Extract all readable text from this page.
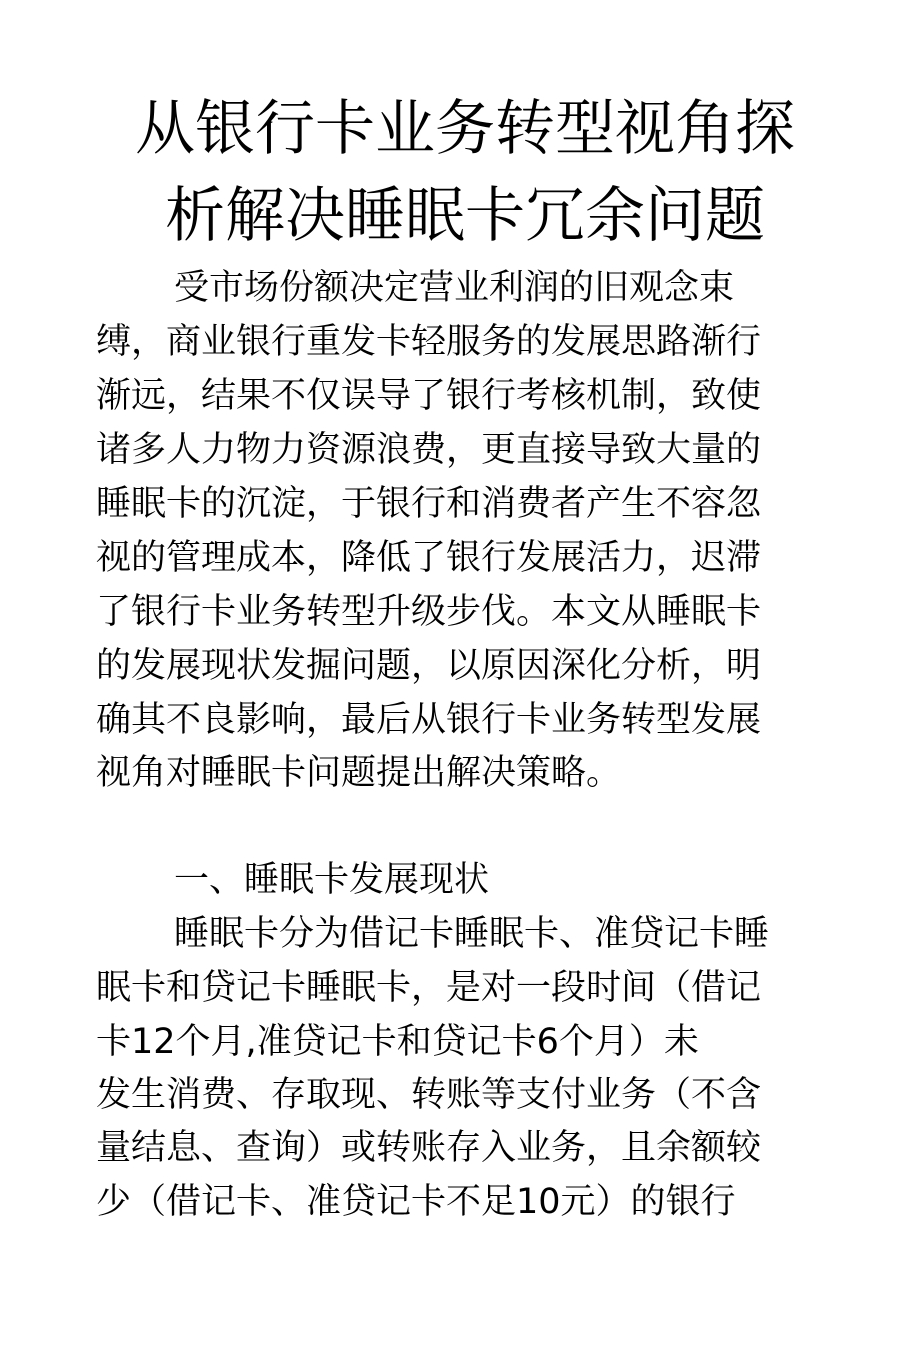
从银行卡业务转型视角探
析解决睡眠卡冗余问题
受市场份额决定营业利润的旧观念束
缚，商业银行重发卡轻服务的发展思路渐行
渐远，结果不仅误导了银行考核机制，致使
诸多人力物力资源浪费，更直接导致大量的
睡眠卡的沉淀，于银行和消费者产生不容忽
视的管理成本，降低了银行发展活力，迟滞
了银行卡业务转型升级步伐。本文从睡眠卡
的发展现状发掘问题，以原因深化分析，明
确其不良影响，最后从银行卡业务转型发展
视角对睡眠卡问题提出解决策略。
一、睡眠卡发展现状
睡眠卡分为借记卡睡眠卡、准贷记卡睡
眠卡和贷记卡睡眠卡，是对一段时间（借记
卡12个月,准贷记卡和贷记卡6个月）未
发生消费、存取现、转账等支付业务（不含
量结息、查询）或转账存入业务，且余额较
少（借记卡、准贷记卡不足10元）的银行
